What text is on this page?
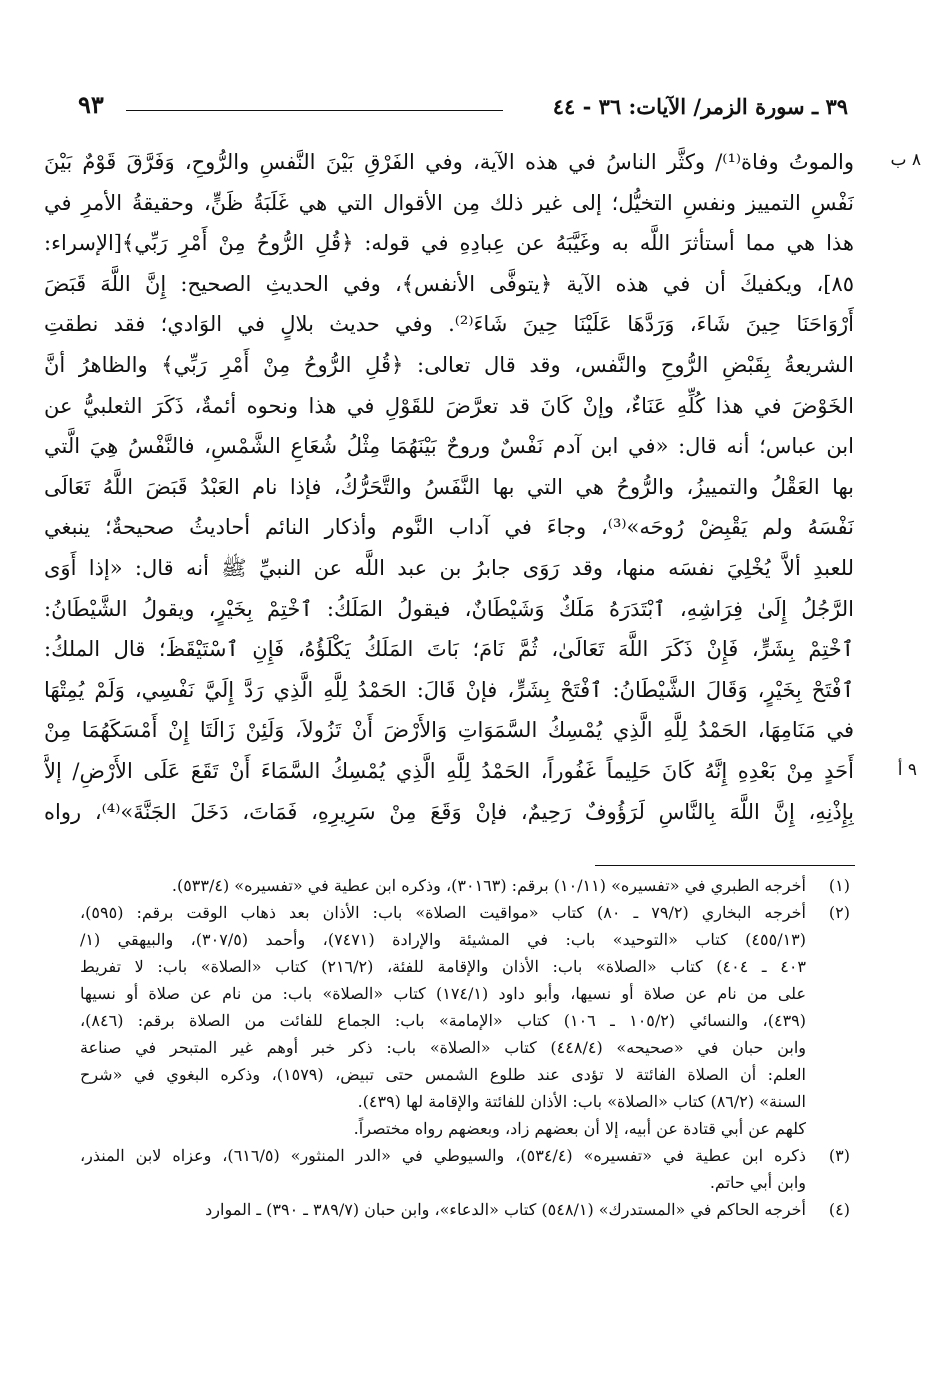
٣٩ ـ سورة الزمر/ الآيات: ٣٦ - ٤٤
٩٣
٨ ب
٩ أ
والموتُ وفاة⁽¹⁾/ وكثَّر الناسُ في هذه الآية، وفي الفَرْقِ بَيْنَ النَّفسِ والرُّوحِ، وَفَرَّقَ قَوْمٌ بَيْنَ
نَفْسِ التمييز ونفسِ التخيُّل؛ إلى غير ذلك مِن الأقوال التي هي غَلَبَةُ ظَنٍّ، وحقيقةُ الأمرِ في
هذا هي مما أستأثرَ اللَّه به وغَيَّبَهُ عن عِبادِهِ في قوله: ﴿قُلِ الرُّوحُ مِنْ أَمْرِ رَبِّي﴾[الإسراء:
٨٥]، ويكفيكَ أن في هذه الآية ﴿يتوفَّى الأنفس﴾، وفي الحديثِ الصحيح: إِنَّ اللَّهَ قَبَضَ
أَرْوَاحَنَا حِينَ شَاءَ، وَرَدَّهَا عَلَيْنَا حِينَ شَاءَ⁽²⁾. وفي حديث بلالٍ في الوَادي؛ فقد نطقتِ
الشريعةُ بِقَبْضِ الرُّوحِ والنَّفس، وقد قال تعالى: ﴿قُلِ الرُّوحُ مِنْ أَمْرِ رَبِّي﴾ والظاهرُ أنَّ
الخَوْضَ في هذا كُلِّهِ عَنَاءٌ، وإنْ كَانَ قد تعرَّضَ للقَوْلِ في هذا ونحوه أئمةٌ، ذَكَرَ الثعلبيُّ عن
ابن عباس؛ أنه قال: «في ابن آدم نَفْسٌ وروحٌ بَيْنَهُمَا مِثْلُ شُعَاعِ الشَّمْسِ، فالنَّفْسُ هِيَ الَّتي
بها العَقْلُ والتمييزُ، والرُّوحُ هي التي بها النَّفَسُ والتَّحَرُّكُ، فإذا نام العَبْدُ قَبَضَ اللَّهُ تَعَالَى
نَفْسَهُ ولم يَقْبِضْ رُوحَه»⁽³⁾، وجاءَ في آداب النَّوم وأذكار النائم أحاديثُ صحيحةٌ؛ ينبغي
للعبدِ ألاَّ يُخْلِيَ نفسَه منها، وقد رَوَى جابرُ بن عبد اللَّه عن النبيِّ ﷺ أنه قال: «إذا أَوَى
الرَّجُلُ إِلَىٰ فِرَاشِهِ، ٱبْتَدَرَهُ مَلَكٌ وَشَيْطَانٌ، فيقولُ المَلَكُ: ٱخْتِمْ بِخَيْرٍ، ويقولُ الشَّيْطَانُ:
ٱخْتِمْ بِشَرٍّ، فَإِنْ ذَكَرَ اللَّهَ تَعَالَىٰ، ثُمَّ نَامَ؛ بَاتَ المَلَكُ يَكْلَؤُهُ، فَإِنِ ٱسْتَيْقَظَ؛ قال الملكُ:
ٱفْتَحْ بِخَيْرٍ، وَقَالَ الشَّيْطَانُ: ٱفْتَحْ بِشَرٍّ، فإنْ قَالَ: الحَمْدُ لِلَّهِ الَّذِي رَدَّ إِلَيَّ نَفْسِي، وَلَمْ يُمِتْهَا
في مَنَامِهَا، الحَمْدُ لِلَّهِ الَّذِي يُمْسِكُ السَّمَوَاتِ وَالأَرْضَ أَنْ تَزُولاَ، وَلَئِنْ زَالَتَا إِنْ أَمْسَكَهُمَا مِنْ
أَحَدٍ مِنْ بَعْدِهِ إِنَّهُ كَانَ حَلِيماً غَفُوراً، الحَمْدُ لِلَّهِ الَّذِي يُمْسِكُ السَّمَاءَ أَنْ تَقَعَ عَلَى الأَرْضِ/ إلاَّ
بِإِذْنِهِ، إِنَّ اللَّهَ بِالنَّاسِ لَرَؤُوفٌ رَحِيمٌ، فإنْ وَقَعَ مِنْ سَرِيرِهِ، فَمَاتَ، دَخَلَ الجَنَّةَ»⁽⁴⁾، رواه
(١)
أخرجه الطبري في «تفسيره» (١٠/١١) برقم: (٣٠١٦٣)، وذكره ابن عطية في «تفسيره» (٥٣٣/٤).
(٢)
أخرجه البخاري (٧٩/٢ ـ ٨٠) كتاب «مواقيت الصلاة» باب: الأذان بعد ذهاب الوقت برقم: (٥٩٥)،
(٤٥٥/١٣) كتاب «التوحيد» باب: في المشيئة والإرادة (٧٤٧١)، وأحمد (٣٠٧/٥)، والبيهقي (١/
٤٠٣ ـ ٤٠٤) كتاب «الصلاة» باب: الأذان والإقامة للفئة، (٢١٦/٢) كتاب «الصلاة» باب: لا تفريط
على من نام عن صلاة أو نسيها، وأبو داود (١٧٤/١) كتاب «الصلاة» باب: من نام عن صلاة أو نسيها
(٤٣٩)، والنسائي (١٠٥/٢ ـ ١٠٦) كتاب «الإمامة» باب: الجماع للفائت من الصلاة برقم: (٨٤٦)،
وابن حبان في «صحيحه» (٤٤٨/٤) كتاب «الصلاة» باب: ذكر خبر أوهم غير المتبحر في صناعة
العلم: أن الصلاة الفائتة لا تؤدى عند طلوع الشمس حتى تبيض، (١٥٧٩)، وذكره البغوي في «شرح
السنة» (٨٦/٢) كتاب «الصلاة» باب: الأذان للفائتة والإقامة لها (٤٣٩).
كلهم عن أبي قتادة عن أبيه، إلا أن بعضهم زاد، وبعضهم رواه مختصراً.
(٣)
ذكره ابن عطية في «تفسيره» (٥٣٤/٤)، والسيوطي في «الدر المنثور» (٦١٦/٥)، وعزاه لابن المنذر،
وابن أبي حاتم.
(٤)
أخرجه الحاكم في «المستدرك» (٥٤٨/١) كتاب «الدعاء»، وابن حبان (٣٨٩/٧ ـ ٣٩٠) ـ الموارد
